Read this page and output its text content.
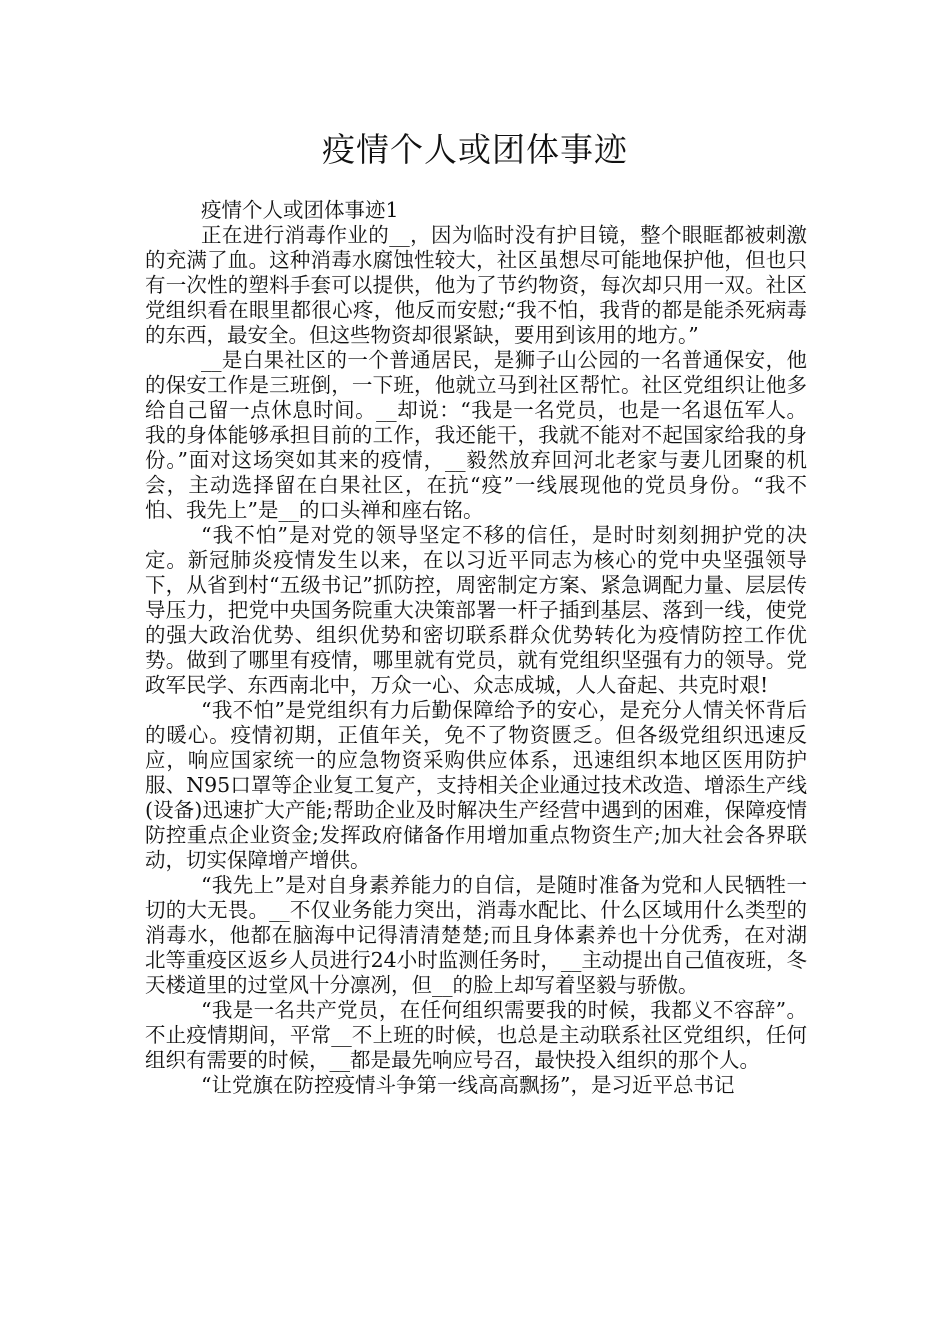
疫情个人或团体事迹
疫情个人或团体事迹1

正在进行消毒作业的__，因为临时没有护目镜，整个眼眶都被刺激的充满了血。这种消毒水腐蚀性较大，社区虽想尽可能地保护他，但也只有一次性的塑料手套可以提供，他为了节约物资，每次却只用一双。社区党组织看在眼里都很心疼，他反而安慰;“我不怕，我背的都是能杀死病毒的东西，最安全。但这些物资却很紧缺，要用到该用的地方。”

__是白果社区的一个普通居民，是狮子山公园的一名普通保安，他的保安工作是三班倒，一下班，他就立马到社区帮忙。社区党组织让他多给自己留一点休息时间。__却说：“我是一名党员，也是一名退伍军人。我的身体能够承担目前的工作，我还能干，我就不能对不起国家给我的身份。”面对这场突如其来的疫情，__毅然放弃回河北老家与妻儿团聚的机会，主动选择留在白果社区，在抗“疫”一线展现他的党员身份。“我不怕、我先上”是__的口头禅和座右铭。

“我不怕”是对党的领导坚定不移的信任，是时时刻刻拥护党的决定。新冠肺炎疫情发生以来，在以习近平同志为核心的党中央坚强领导下，从省到村“五级书记”抓防控，周密制定方案、紧急调配力量、层层传导压力，把党中央国务院重大决策部署一杆子插到基层、落到一线，使党的强大政治优势、组织优势和密切联系群众优势转化为疫情防控工作优势。做到了哪里有疫情，哪里就有党员，就有党组织坚强有力的领导。党政军民学、东西南北中，万众一心、众志成城，人人奋起、共克时艰!

“我不怕”是党组织有力后勤保障给予的安心，是充分人情关怀背后的暖心。疫情初期，正值年关，免不了物资匮乏。但各级党组织迅速反应，响应国家统一的应急物资采购供应体系，迅速组织本地区医用防护服、N95口罩等企业复工复产，支持相关企业通过技术改造、增添生产线(设备)迅速扩大产能;帮助企业及时解决生产经营中遇到的困难，保障疫情防控重点企业资金;发挥政府储备作用增加重点物资生产;加大社会各界联动，切实保障增产增供。

“我先上”是对自身素养能力的自信，是随时准备为党和人民牺牲一切的大无畏。__不仅业务能力突出，消毒水配比、什么区域用什么类型的消毒水，他都在脑海中记得清清楚楚;而且身体素养也十分优秀，在对湖北等重疫区返乡人员进行24小时监测任务时，__主动提出自己值夜班，冬天楼道里的过堂风十分凛冽，但__的脸上却写着坚毅与骄傲。

“我是一名共产党员，在任何组织需要我的时候，我都义不容辞”。不止疫情期间，平常__不上班的时候，也总是主动联系社区党组织，任何组织有需要的时候，__都是最先响应号召，最快投入组织的那个人。

“让党旗在防控疫情斗争第一线高高飘扬”，是习近平总书记
